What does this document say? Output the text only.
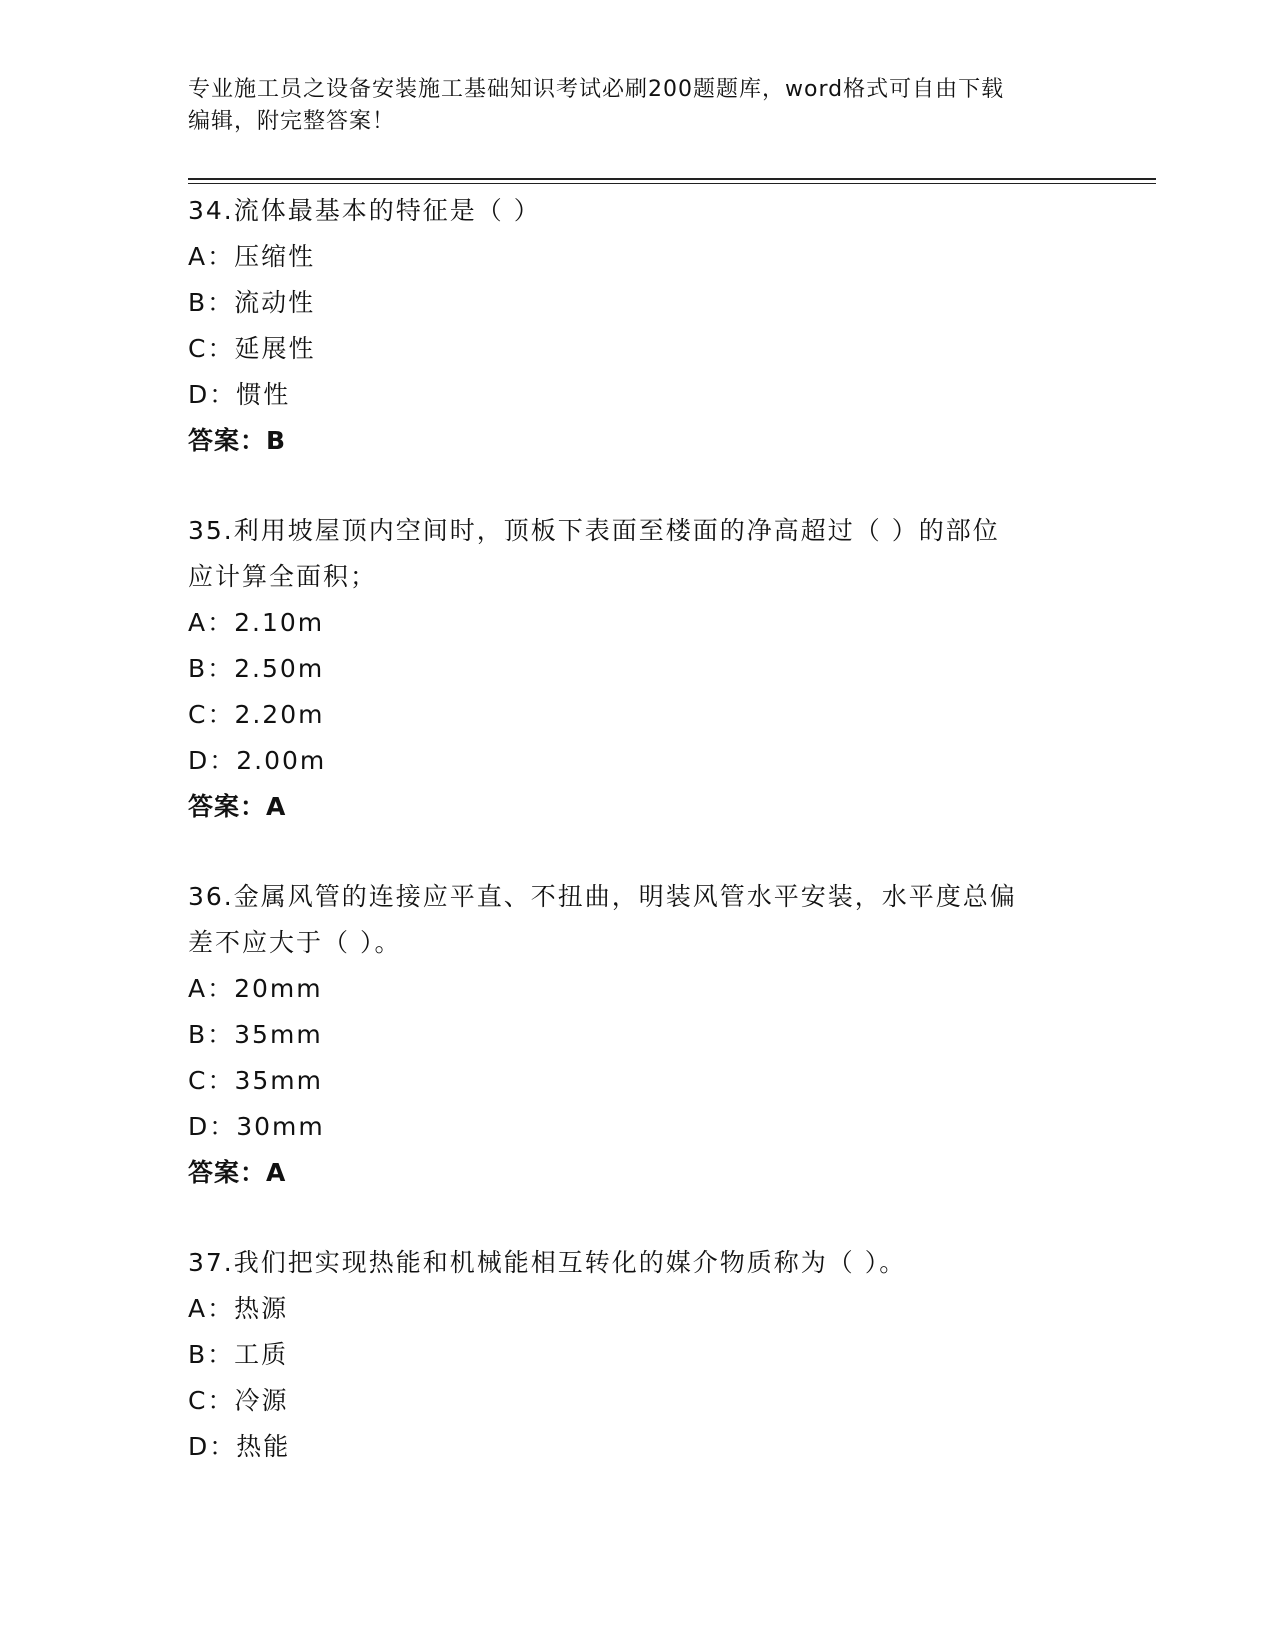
专业施工员之设备安装施工基础知识考试必刷200题题库，word格式可自由下载
编辑，附完整答案！
34.流体最基本的特征是（ ）
A：压缩性
B：流动性
C：延展性
D：惯性
答案：B
35.利用坡屋顶内空间时，顶板下表面至楼面的净高超过（ ）的部位
应计算全面积；
A：2.10m
B：2.50m
C：2.20m
D：2.00m
答案：A
36.金属风管的连接应平直、不扭曲，明装风管水平安装，水平度总偏
差不应大于（ ）。
A：20mm
B：35mm
C：35mm
D：30mm
答案：A
37.我们把实现热能和机械能相互转化的媒介物质称为（ ）。
A：热源
B：工质
C：冷源
D：热能
